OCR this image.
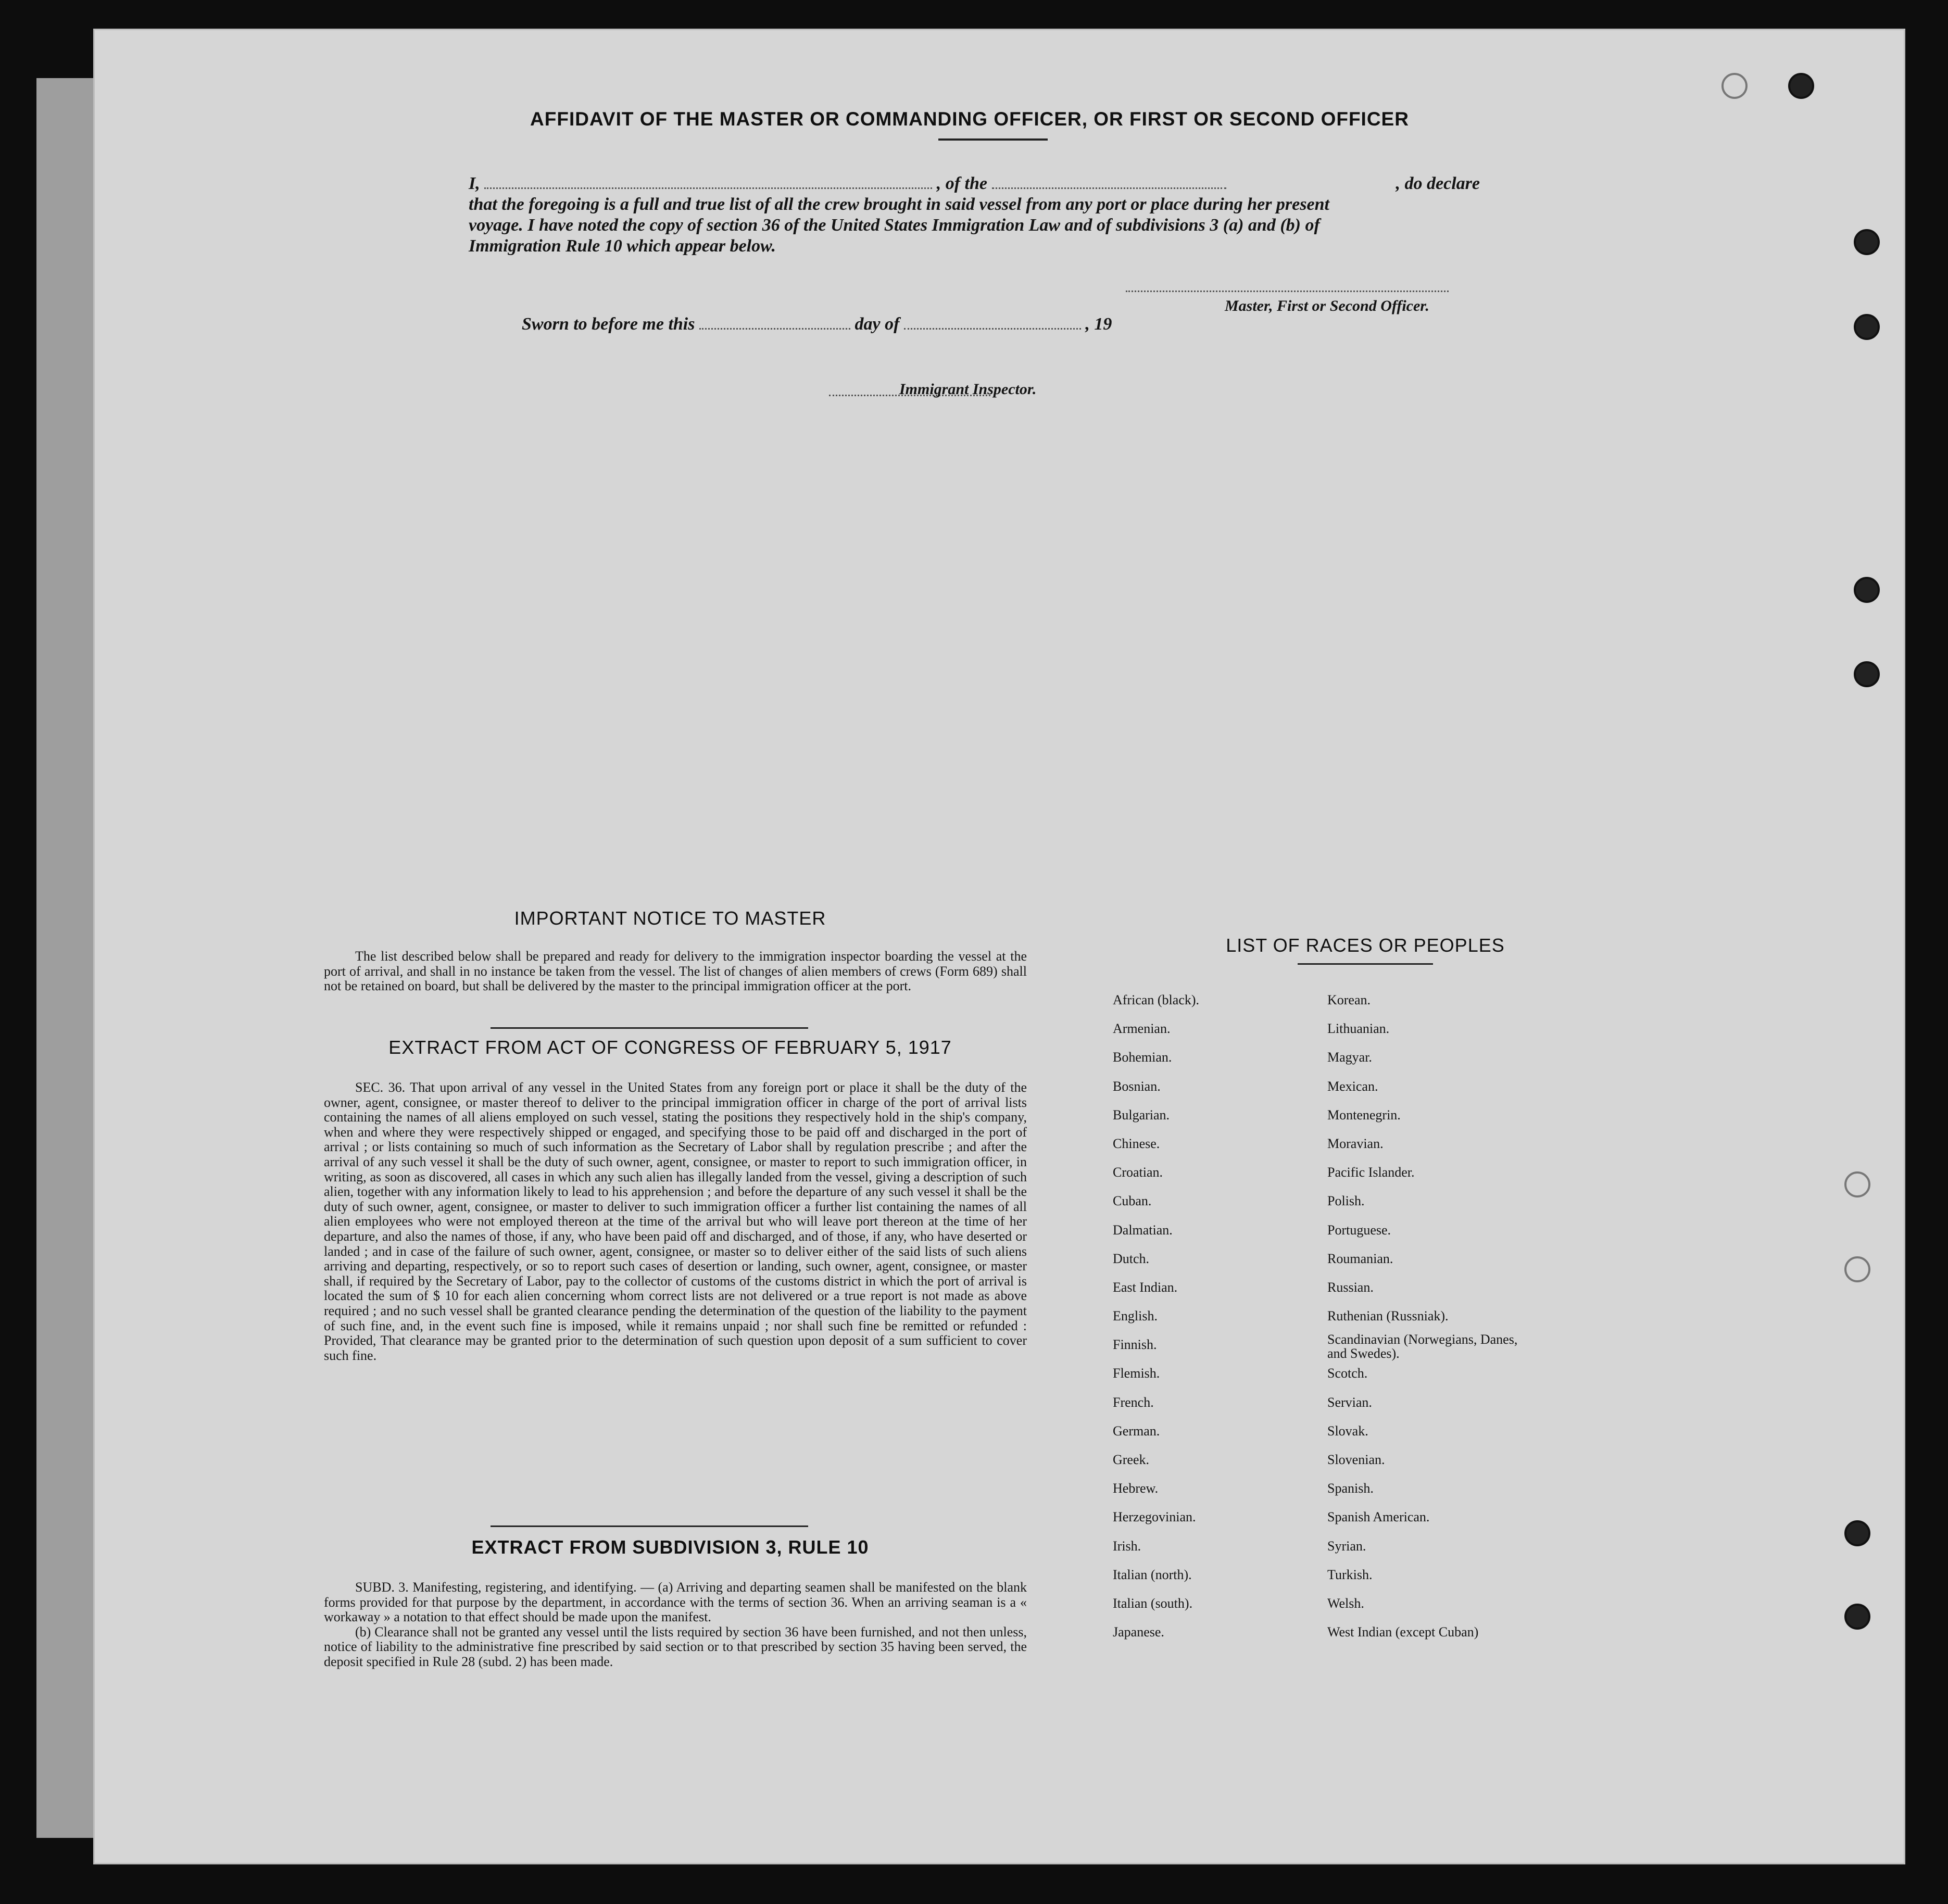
AFFIDAVIT OF THE MASTER OR COMMANDING OFFICER, OR FIRST OR SECOND OFFICER
I,	, of the	, do declare
that the foregoing is a full and true list of all the crew brought in said vessel from any port or place during her present
voyage. I have noted the copy of section 36 of the United States Immigration Law and of subdivisions 3 (a) and (b) of
Immigration Rule 10 which appear below.
Master, First or Second Officer.
Sworn to before me this	day of	, 19
Immigrant Inspector.
IMPORTANT NOTICE TO MASTER

The list described below shall be prepared and ready for delivery to the immigration inspector boarding the vessel at the port of arrival, and shall in no instance be taken from the vessel. The list of changes of alien members of crews (Form 689) shall not be retained on board, but shall be delivered by the master to the principal immigration officer at the port.

EXTRACT FROM ACT OF CONGRESS OF FEBRUARY 5, 1917

SEC. 36. That upon arrival of any vessel in the United States from any foreign port or place it shall be the duty of the owner, agent, consignee, or master thereof to deliver to the principal immigration officer in charge of the port of arrival lists containing the names of all aliens employed on such vessel, stating the positions they respectively hold in the ship's company, when and where they were respectively shipped or engaged, and specifying those to be paid off and discharged in the port of arrival ; or lists containing so much of such information as the Secretary of Labor shall by regulation prescribe ; and after the arrival of any such vessel it shall be the duty of such owner, agent, consignee, or master to report to such immigration officer, in writing, as soon as discovered, all cases in which any such alien has illegally landed from the vessel, giving a description of such alien, together with any information likely to lead to his apprehension ; and before the departure of any such vessel it shall be the duty of such owner, agent, consignee, or master to deliver to such immigration officer a further list containing the names of all alien employees who were not employed thereon at the time of the arrival but who will leave port thereon at the time of her departure, and also the names of those, if any, who have been paid off and discharged, and of those, if any, who have deserted or landed ; and in case of the failure of such owner, agent, consignee, or master so to deliver either of the said lists of such aliens arriving and departing, respectively, or so to report such cases of desertion or landing, such owner, agent, consignee, or master shall, if required by the Secretary of Labor, pay to the collector of customs of the customs district in which the port of arrival is located the sum of $ 10 for each alien concerning whom correct lists are not delivered or a true report is not made as above required ; and no such vessel shall be granted clearance pending the determination of the question of the liability to the payment of such fine, and, in the event such fine is imposed, while it remains unpaid ; nor shall such fine be remitted or refunded : Provided, That clearance may be granted prior to the determination of such question upon deposit of a sum sufficient to cover such fine.

EXTRACT FROM SUBDIVISION 3, RULE 10

SUBD. 3. Manifesting, registering, and identifying. — (a) Arriving and departing seamen shall be manifested on the blank forms provided for that purpose by the department, in accordance with the terms of section 36. When an arriving seaman is a « workaway » a notation to that effect should be made upon the manifest.

(b) Clearance shall not be granted any vessel until the lists required by section 36 have been furnished, and not then unless, notice of liability to the administrative fine prescribed by said section or to that prescribed by section 35 having been served, the deposit specified in Rule 28 (subd. 2) has been made.

LIST OF RACES OR PEOPLES
African (black).
Armenian.
Bohemian.
Bosnian.
Bulgarian.
Chinese.
Croatian.
Cuban.
Dalmatian.
Dutch.
East Indian.
English.
Finnish.
Flemish.
French.
German.
Greek.
Hebrew.
Herzegovinian.
Irish.
Italian (north).
Italian (south).
Japanese.
Korean.
Lithuanian.
Magyar.
Mexican.
Montenegrin.
Moravian.
Pacific Islander.
Polish.
Portuguese.
Roumanian.
Russian.
Ruthenian (Russniak).
Scandinavian (Norwegians, Danes, and Swedes).
Scotch.
Servian.
Slovak.
Slovenian.
Spanish.
Spanish American.
Syrian.
Turkish.
Welsh.
West Indian (except Cuban)
